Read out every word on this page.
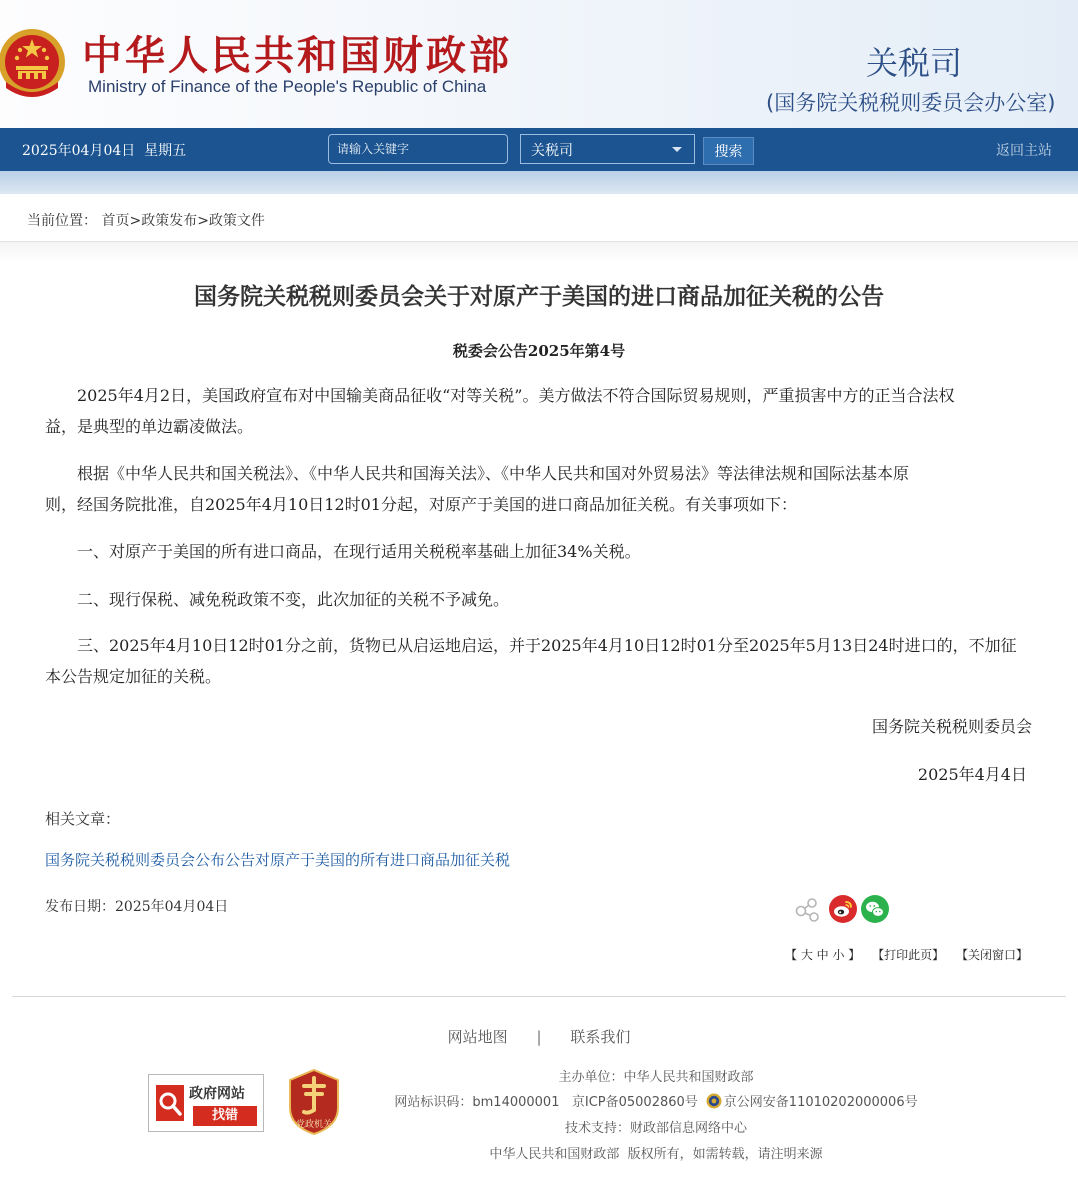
中华人民共和国财政部
Ministry of Finance of the People's Republic of China
关税司
(国务院关税税则委员会办公室)
2025年04月04日  星期五
请输入关键字	关税司	搜索	返回主站
当前位置： 首页>政策发布>政策文件
国务院关税税则委员会关于对原产于美国的进口商品加征关税的公告
税委会公告2025年第4号
2025年4月2日，美国政府宣布对中国输美商品征收“对等关税”。美方做法不符合国际贸易规则，严重损害中方的正当合法权
益，是典型的单边霸凌做法。
根据《中华人民共和国关税法》、《中华人民共和国海关法》、《中华人民共和国对外贸易法》等法律法规和国际法基本原
则，经国务院批准，自2025年4月10日12时01分起，对原产于美国的进口商品加征关税。有关事项如下：
一、对原产于美国的所有进口商品，在现行适用关税税率基础上加征34%关税。
二、现行保税、减免税政策不变，此次加征的关税不予减免。
三、2025年4月10日12时01分之前，货物已从启运地启运，并于2025年4月10日12时01分至2025年5月13日24时进口的，不加征
本公告规定加征的关税。
国务院关税税则委员会
2025年4月4日
相关文章：
国务院关税税则委员会公布公告对原产于美国的所有进口商品加征关税
发布日期：2025年04月04日
【 大 中 小 】 【打印此页】 【关闭窗口】
网站地图 | 联系我们
政府网站
找错
党政机关
主办单位：中华人民共和国财政部
网站标识码：bm14000001   京ICP备05002860号 京公网安备11010202000006号
技术支持：财政部信息网络中心
中华人民共和国财政部  版权所有，如需转载，请注明来源
